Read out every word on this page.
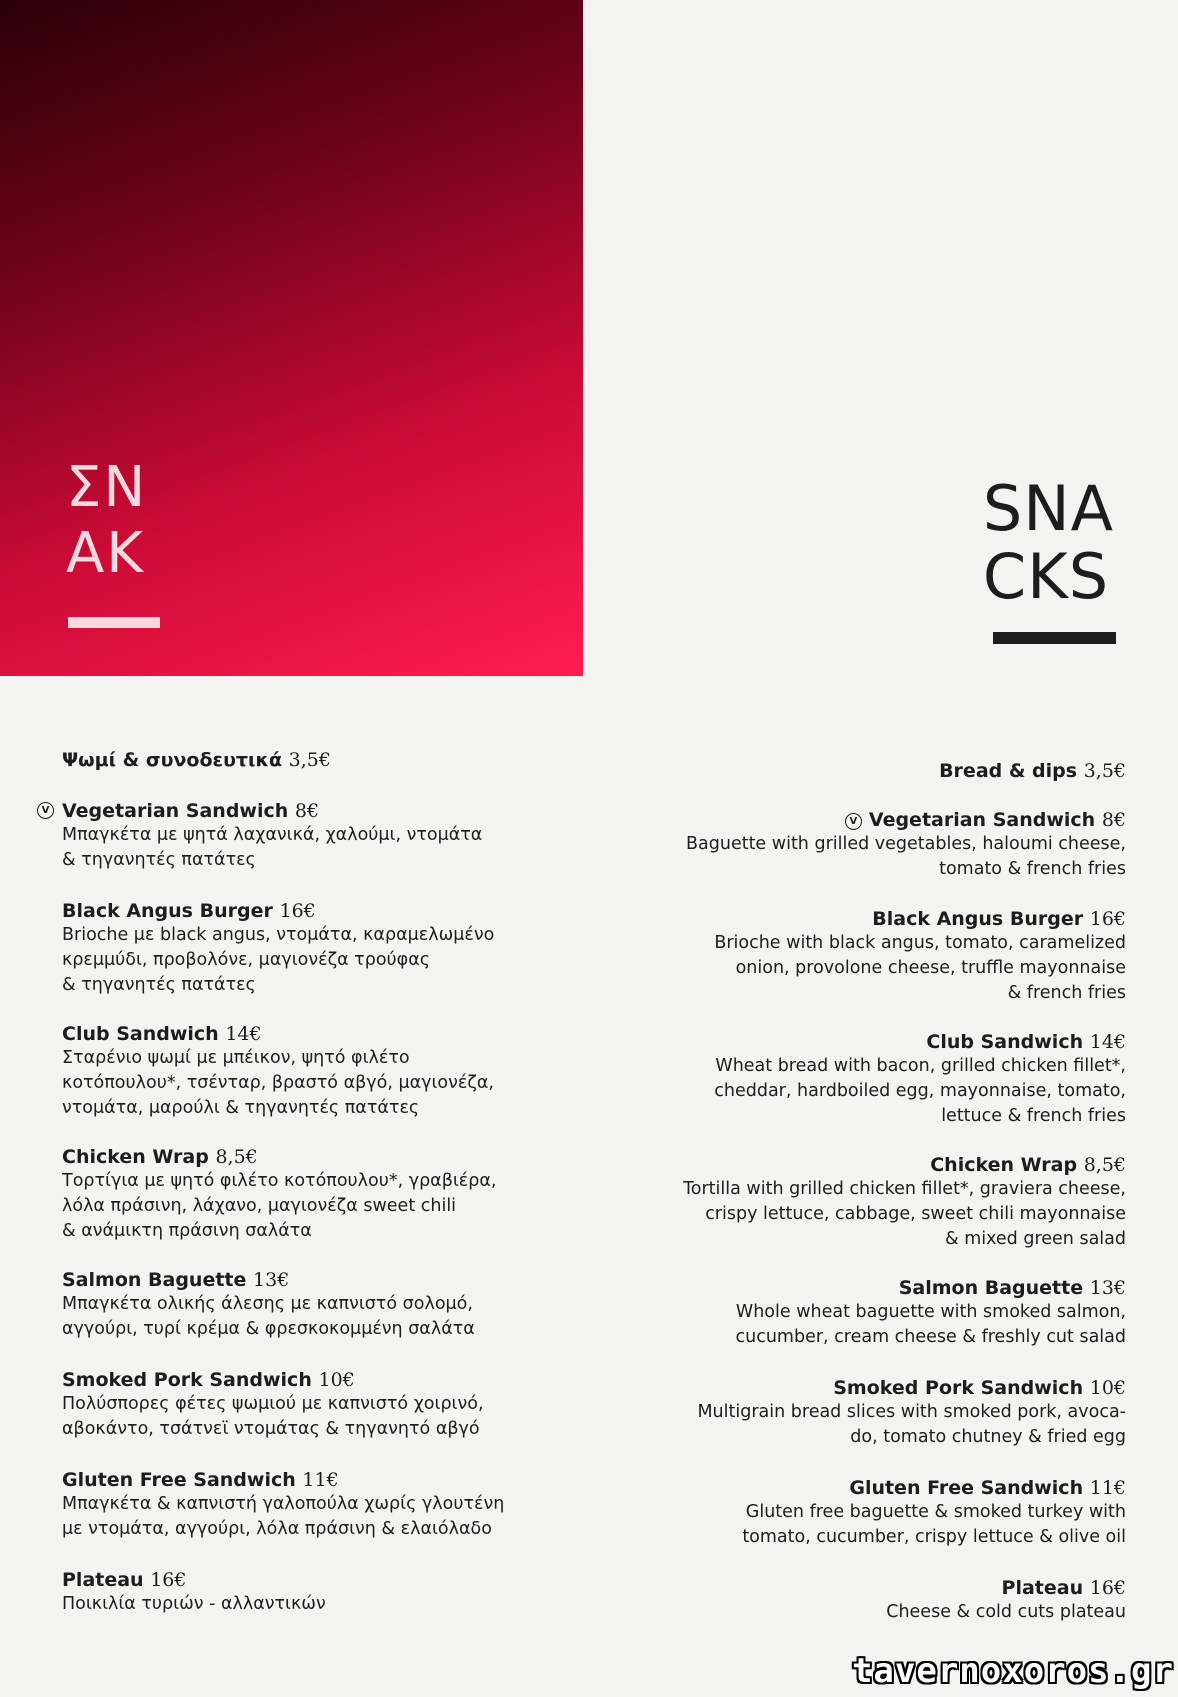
ΣΝ
ΑΚ
SNA
CKS
Ψωμί & συνοδευτικά 3,5€
V Vegetarian Sandwich 8€
Μπαγκέτα με ψητά λαχανικά, χαλούμι, ντομάτα
& τηγανητές πατάτες
Black Angus Burger 16€
Brioche με black angus, ντομάτα, καραμελωμένο
κρεμμύδι, προβολόνε, μαγιονέζα τρούφας
& τηγανητές πατάτες
Club Sandwich 14€
Σταρένιο ψωμί με μπέικον, ψητό φιλέτο
κοτόπουλου*, τσένταρ, βραστό αβγό, μαγιονέζα,
ντομάτα, μαρούλι & τηγανητές πατάτες
Chicken Wrap 8,5€
Τορτίγια με ψητό φιλέτο κοτόπουλου*, γραβιέρα,
λόλα πράσινη, λάχανο, μαγιονέζα sweet chili
& ανάμικτη πράσινη σαλάτα
Salmon Baguette 13€
Μπαγκέτα ολικής άλεσης με καπνιστό σολομό,
αγγούρι, τυρί κρέμα & φρεσκοκομμένη σαλάτα
Smoked Pork Sandwich 10€
Πολύσπορες φέτες ψωμιού με καπνιστό χοιρινό,
αβοκάντο, τσάτνεϊ ντομάτας & τηγανητό αβγό
Gluten Free Sandwich 11€
Μπαγκέτα & καπνιστή γαλοπούλα χωρίς γλουτένη
με ντομάτα, αγγούρι, λόλα πράσινη & ελαιόλαδο
Plateau 16€
Ποικιλία τυριών - αλλαντικών
Bread & dips 3,5€
V Vegetarian Sandwich 8€
Baguette with grilled vegetables, haloumi cheese,
tomato & french fries
Black Angus Burger 16€
Brioche with black angus, tomato, caramelized
onion, provolone cheese, truffle mayonnaise
& french fries
Club Sandwich 14€
Wheat bread with bacon, grilled chicken fillet*,
cheddar, hardboiled egg, mayonnaise, tomato,
lettuce & french fries
Chicken Wrap 8,5€
Tortilla with grilled chicken fillet*, graviera cheese,
crispy lettuce, cabbage, sweet chili mayonnaise
& mixed green salad
Salmon Baguette 13€
Whole wheat baguette with smoked salmon,
cucumber, cream cheese & freshly cut salad
Smoked Pork Sandwich 10€
Multigrain bread slices with smoked pork, avoca-
do, tomato chutney & fried egg
Gluten Free Sandwich 11€
Gluten free baguette & smoked turkey with
tomato, cucumber, crispy lettuce & olive oil
Plateau 16€
Cheese & cold cuts plateau
tavernoxoros.gr
